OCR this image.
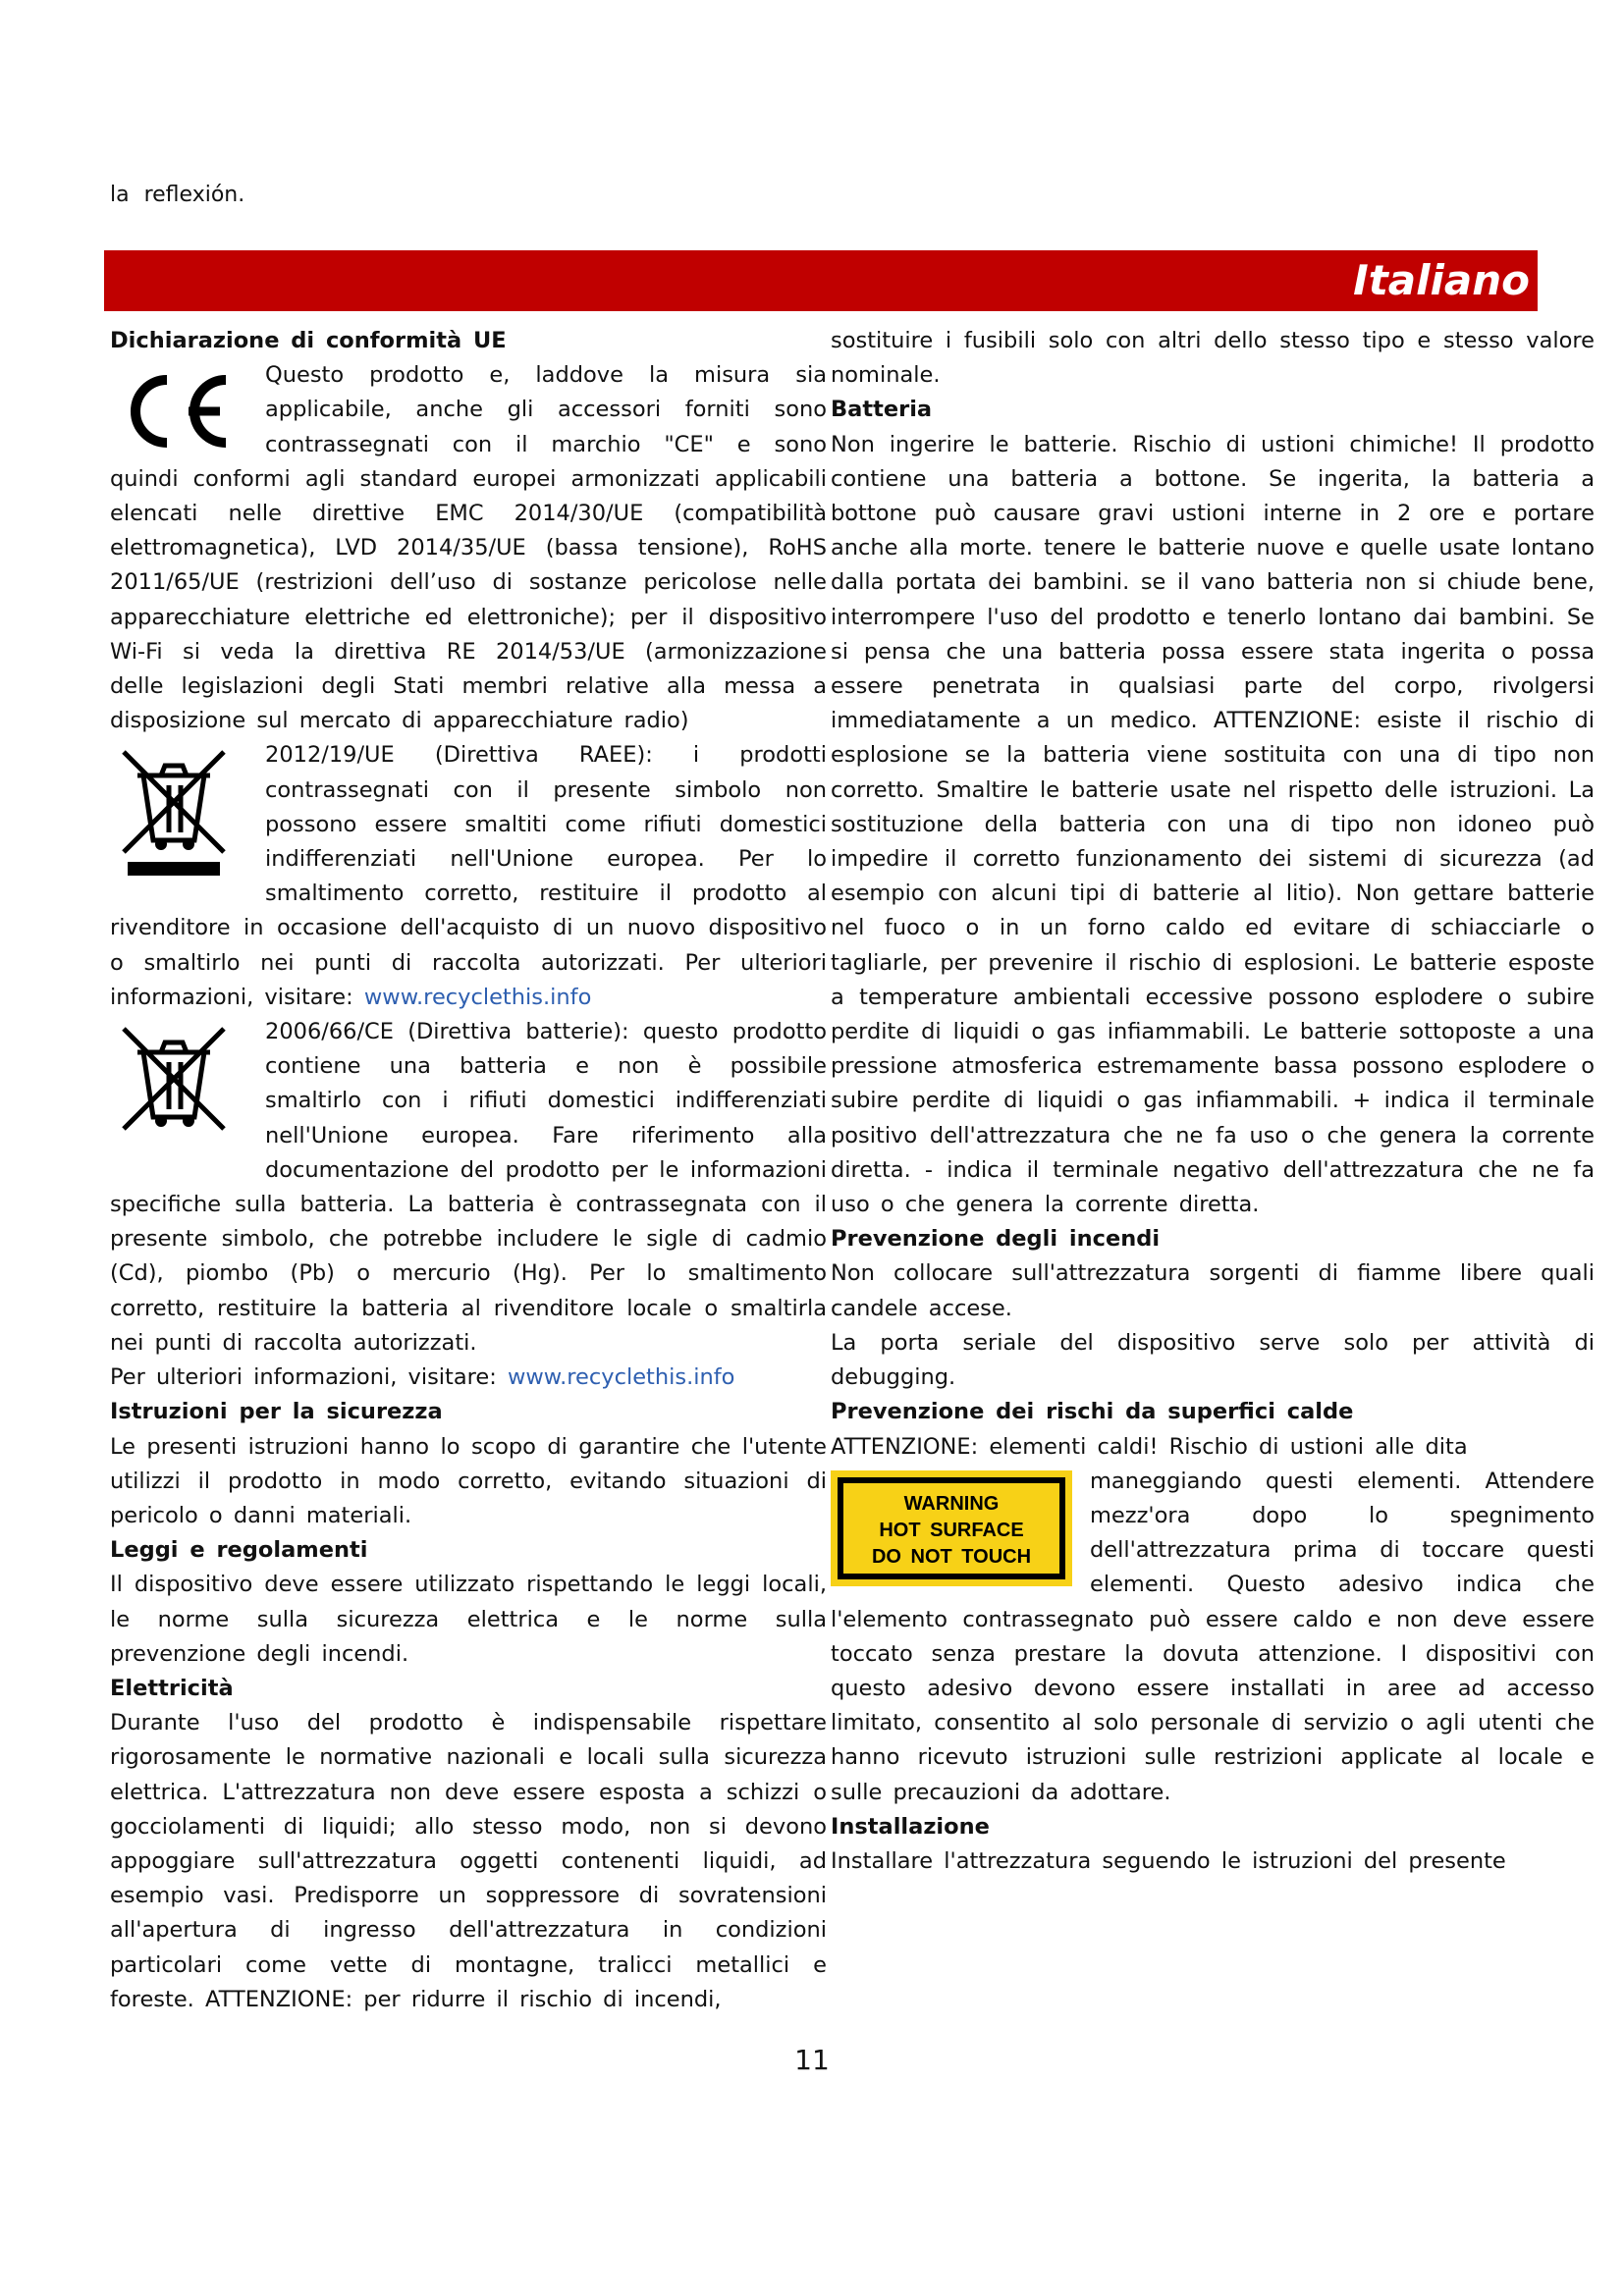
la reflexión.
Italiano
Dichiarazione di conformità UE

Questo prodotto e, laddove la misura sia applicabile, anche gli accessori forniti sono contrassegnati con il marchio "CE" e sono quindi conformi agli standard europei armonizzati applicabili elencati nelle direttive EMC 2014/30/UE (compatibilità elettromagnetica), LVD 2014/35/UE (bassa tensione), RoHS 2011/65/UE (restrizioni dell’uso di sostanze pericolose nelle apparecchiature elettriche ed elettroniche); per il dispositivo Wi-Fi si veda la direttiva RE 2014/53/UE (armonizzazione delle legislazioni degli Stati membri relative alla messa a disposizione sul mercato di apparecchiature radio)

2012/19/UE (Direttiva RAEE): i prodotti contrassegnati con il presente simbolo non possono essere smaltiti come rifiuti domestici indifferenziati nell'Unione europea. Per lo smaltimento corretto, restituire il prodotto al rivenditore in occasione dell'acquisto di un nuovo dispositivo o smaltirlo nei punti di raccolta autorizzati. Per ulteriori informazioni, visitare: www.recyclethis.info

2006/66/CE (Direttiva batterie): questo prodotto contiene una batteria e non è possibile smaltirlo con i rifiuti domestici indifferenziati nell'Unione europea. Fare riferimento alla documentazione del prodotto per le informazioni specifiche sulla batteria. La batteria è contrassegnata con il presente simbolo, che potrebbe includere le sigle di cadmio (Cd), piombo (Pb) o mercurio (Hg). Per lo smaltimento corretto, restituire la batteria al rivenditore locale o smaltirla nei punti di raccolta autorizzati.

Per ulteriori informazioni, visitare: www.recyclethis.info

Istruzioni per la sicurezza

Le presenti istruzioni hanno lo scopo di garantire che l'utente utilizzi il prodotto in modo corretto, evitando situazioni di pericolo o danni materiali.

Leggi e regolamenti

Il dispositivo deve essere utilizzato rispettando le leggi locali, le norme sulla sicurezza elettrica e le norme sulla prevenzione degli incendi.

Elettricità

Durante l'uso del prodotto è indispensabile rispettare rigorosamente le normative nazionali e locali sulla sicurezza elettrica. L'attrezzatura non deve essere esposta a schizzi o gocciolamenti di liquidi; allo stesso modo, non si devono appoggiare sull'attrezzatura oggetti contenenti liquidi, ad esempio vasi. Predisporre un soppressore di sovratensioni all'apertura di ingresso dell'attrezzatura in condizioni particolari come vette di montagne, tralicci metallici e foreste. ATTENZIONE: per ridurre il rischio di incendi,

sostituire i fusibili solo con altri dello stesso tipo e stesso valore nominale.

Batteria

Non ingerire le batterie. Rischio di ustioni chimiche! Il prodotto contiene una batteria a bottone. Se ingerita, la batteria a bottone può causare gravi ustioni interne in 2 ore e portare anche alla morte. tenere le batterie nuove e quelle usate lontano dalla portata dei bambini. se il vano batteria non si chiude bene, interrompere l'uso del prodotto e tenerlo lontano dai bambini. Se si pensa che una batteria possa essere stata ingerita o possa essere penetrata in qualsiasi parte del corpo, rivolgersi immediatamente a un medico. ATTENZIONE: esiste il rischio di esplosione se la batteria viene sostituita con una di tipo non corretto. Smaltire le batterie usate nel rispetto delle istruzioni. La sostituzione della batteria con una di tipo non idoneo può impedire il corretto funzionamento dei sistemi di sicurezza (ad esempio con alcuni tipi di batterie al litio). Non gettare batterie nel fuoco o in un forno caldo ed evitare di schiacciarle o tagliarle, per prevenire il rischio di esplosioni. Le batterie esposte a temperature ambientali eccessive possono esplodere o subire perdite di liquidi o gas infiammabili. Le batterie sottoposte a una pressione atmosferica estremamente bassa possono esplodere o subire perdite di liquidi o gas infiammabili. + indica il terminale positivo dell'attrezzatura che ne fa uso o che genera la corrente diretta. - indica il terminale negativo dell'attrezzatura che ne fa uso o che genera la corrente diretta.

Prevenzione degli incendi

Non collocare sull'attrezzatura sorgenti di fiamme libere quali candele accese.

La porta seriale del dispositivo serve solo per attività di debugging.

Prevenzione dei rischi da superfici calde

ATTENZIONE: elementi caldi! Rischio di ustioni alle dita

WARNING
HOT SURFACE
DO NOT TOUCH

maneggiando questi elementi. Attendere mezz'ora dopo lo spegnimento dell'attrezzatura prima di toccare questi elementi. Questo adesivo indica che l'elemento contrassegnato può essere caldo e non deve essere toccato senza prestare la dovuta attenzione. I dispositivi con questo adesivo devono essere installati in aree ad accesso limitato, consentito al solo personale di servizio o agli utenti che hanno ricevuto istruzioni sulle restrizioni applicate al locale e sulle precauzioni da adottare.

Installazione

Installare l'attrezzatura seguendo le istruzioni del presente

11
